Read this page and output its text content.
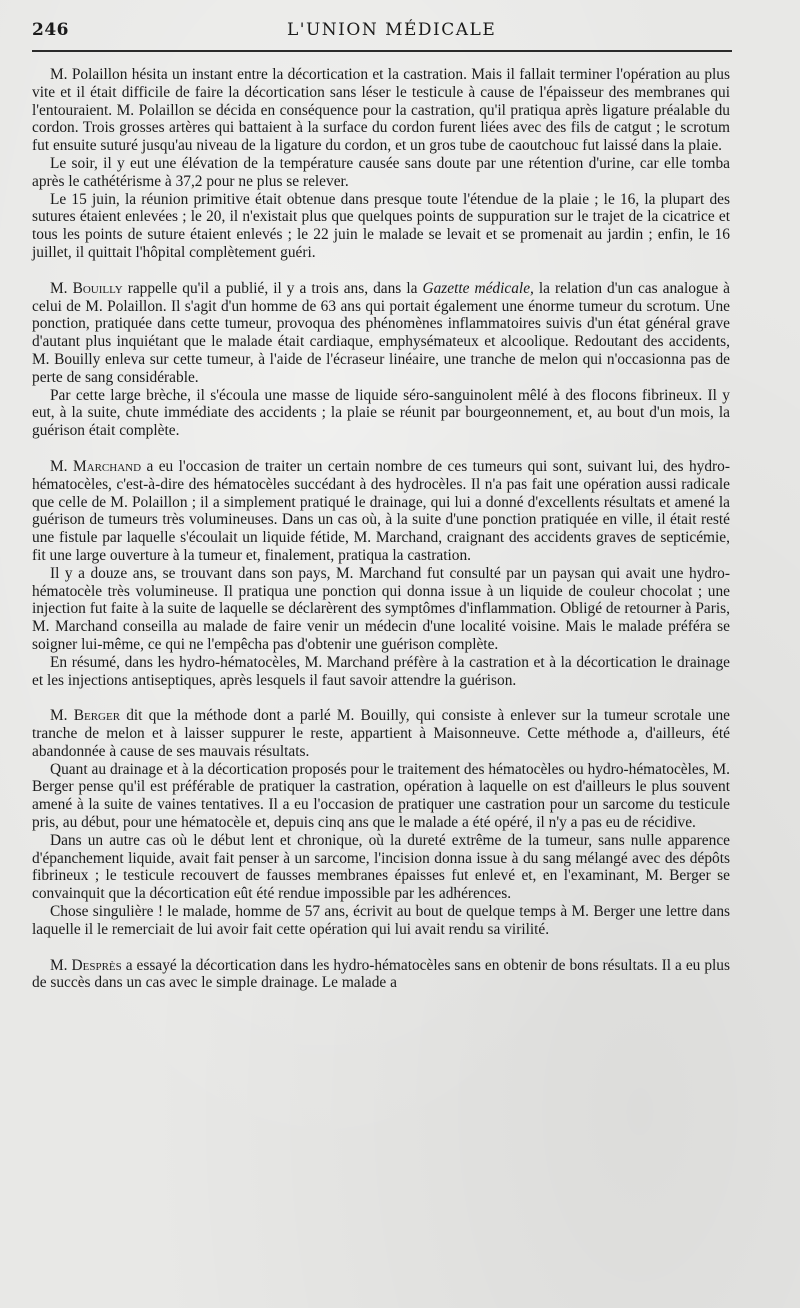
246	L'UNION MÉDICALE

M. Polaillon hésita un instant entre la décortication et la castration. Mais il fallait terminer l'opération au plus vite et il était difficile de faire la décortication sans léser le testicule à cause de l'épaisseur des membranes qui l'entouraient. M. Polaillon se décida en conséquence pour la castration, qu'il pratiqua après ligature préalable du cordon. Trois grosses artères qui battaient à la surface du cordon furent liées avec des fils de catgut ; le scrotum fut ensuite suturé jusqu'au niveau de la ligature du cordon, et un gros tube de caoutchouc fut laissé dans la plaie.

Le soir, il y eut une élévation de la température causée sans doute par une rétention d'urine, car elle tomba après le cathétérisme à 37,2 pour ne plus se relever.

Le 15 juin, la réunion primitive était obtenue dans presque toute l'étendue de la plaie ; le 16, la plupart des sutures étaient enlevées ; le 20, il n'existait plus que quelques points de suppuration sur le trajet de la cicatrice et tous les points de suture étaient enlevés ; le 22 juin le malade se levait et se promenait au jardin ; enfin, le 16 juillet, il quittait l'hôpital complètement guéri.

M. Bouilly rappelle qu'il a publié, il y a trois ans, dans la Gazette médicale, la relation d'un cas analogue à celui de M. Polaillon. Il s'agit d'un homme de 63 ans qui portait également une énorme tumeur du scrotum. Une ponction, pratiquée dans cette tumeur, provoqua des phénomènes inflammatoires suivis d'un état général grave d'autant plus inquiétant que le malade était cardiaque, emphysémateux et alcoolique. Redoutant des accidents, M. Bouilly enleva sur cette tumeur, à l'aide de l'écraseur linéaire, une tranche de melon qui n'occasionna pas de perte de sang considérable.

Par cette large brèche, il s'écoula une masse de liquide séro-sanguinolent mêlé à des flocons fibrineux. Il y eut, à la suite, chute immédiate des accidents ; la plaie se réunit par bourgeonnement, et, au bout d'un mois, la guérison était complète.

M. Marchand a eu l'occasion de traiter un certain nombre de ces tumeurs qui sont, suivant lui, des hydro-hématocèles, c'est-à-dire des hématocèles succédant à des hydrocèles. Il n'a pas fait une opération aussi radicale que celle de M. Polaillon ; il a simplement pratiqué le drainage, qui lui a donné d'excellents résultats et amené la guérison de tumeurs très volumineuses. Dans un cas où, à la suite d'une ponction pratiquée en ville, il était resté une fistule par laquelle s'écoulait un liquide fétide, M. Marchand, craignant des accidents graves de septicémie, fit une large ouverture à la tumeur et, finalement, pratiqua la castration.

Il y a douze ans, se trouvant dans son pays, M. Marchand fut consulté par un paysan qui avait une hydro-hématocèle très volumineuse. Il pratiqua une ponction qui donna issue à un liquide de couleur chocolat ; une injection fut faite à la suite de laquelle se déclarèrent des symptômes d'inflammation. Obligé de retourner à Paris, M. Marchand conseilla au malade de faire venir un médecin d'une localité voisine. Mais le malade préféra se soigner lui-même, ce qui ne l'empêcha pas d'obtenir une guérison complète.

En résumé, dans les hydro-hématocèles, M. Marchand préfère à la castration et à la décortication le drainage et les injections antiseptiques, après lesquels il faut savoir attendre la guérison.

M. Berger dit que la méthode dont a parlé M. Bouilly, qui consiste à enlever sur la tumeur scrotale une tranche de melon et à laisser suppurer le reste, appartient à Maisonneuve. Cette méthode a, d'ailleurs, été abandonnée à cause de ses mauvais résultats.

Quant au drainage et à la décortication proposés pour le traitement des hématocèles ou hydro-hématocèles, M. Berger pense qu'il est préférable de pratiquer la castration, opération à laquelle on est d'ailleurs le plus souvent amené à la suite de vaines tentatives. Il a eu l'occasion de pratiquer une castration pour un sarcome du testicule pris, au début, pour une hématocèle et, depuis cinq ans que le malade a été opéré, il n'y a pas eu de récidive.

Dans un autre cas où le début lent et chronique, où la dureté extrême de la tumeur, sans nulle apparence d'épanchement liquide, avait fait penser à un sarcome, l'incision donna issue à du sang mélangé avec des dépôts fibrineux ; le testicule recouvert de fausses membranes épaisses fut enlevé et, en l'examinant, M. Berger se convainquit que la décortication eût été rendue impossible par les adhérences.

Chose singulière ! le malade, homme de 57 ans, écrivit au bout de quelque temps à M. Berger une lettre dans laquelle il le remerciait de lui avoir fait cette opération qui lui avait rendu sa virilité.

M. Desprès a essayé la décortication dans les hydro-hématocèles sans en obtenir de bons résultats. Il a eu plus de succès dans un cas avec le simple drainage. Le malade a
